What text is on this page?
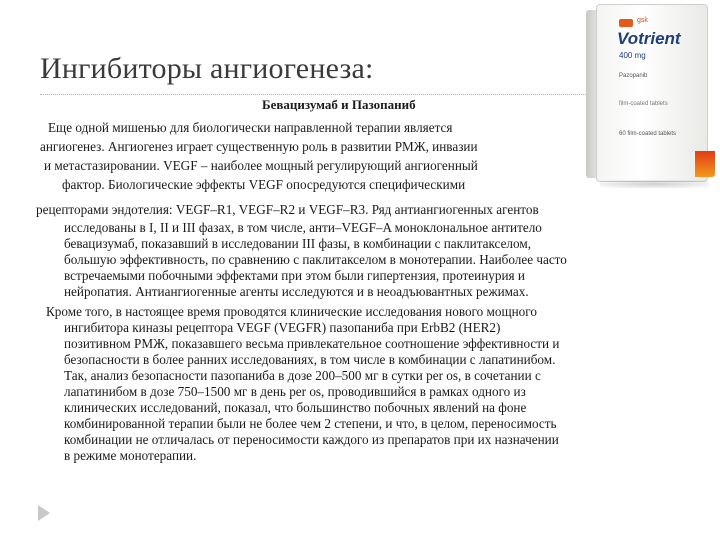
Ингибиторы ангиогенеза:
Бевацизумаб и Пазопаниб
Еще одной мишенью для биологически направленной терапии является
ангиогенез. Ангиогенез играет существенную роль в развитии РМЖ, инвазии
и метастазировании. VEGF – наиболее мощный регулирующий ангиогенный
фактор. Биологические эффекты VEGF опосредуются специфическими
рецепторами эндотелия: VEGF–R1, VEGF–R2 и VEGF–R3. Ряд антиангиогенных агентов
исследованы в I, II и III фазах, в том числе, анти–VEGF–A моноклональное антитело
бевацизумаб, показавший в исследовании III фазы, в комбинации с паклитакселом,
большую эффективность, по сравнению с паклитакселом в монотерапии. Наиболее часто
встречаемыми побочными эффектами при этом были гипертензия, протеинурия и
нейропатия. Антиангиогенные агенты исследуются и в неоадъювантных режимах.
Кроме того, в настоящее время проводятся клинические исследования нового мощного
ингибитора киназы рецептора VEGF (VEGFR) пазопаниба при ErbB2 (HER2)
позитивном РМЖ, показавшего весьма привлекательное соотношение эффективности и
безопасности в более ранних исследованиях, в том числе в комбинации с лапатинибом.
Так, анализ безопасности пазопаниба в дозе 200–500 мг в сутки per os, в сочетании с
лапатинибом в дозе 750–1500 мг в день per os, проводившийся в рамках одного из
клинических исследований, показал, что большинство побочных явлений на фоне
комбинированной терапии были не более чем 2 степени, и что, в целом, переносимость
комбинации не отличалась от переносимости каждого из препаратов при их назначении
в режиме монотерапии.
gsk
Votrient
400 mg
Pazopanib
film-coated tablets
60 film-coated tablets
